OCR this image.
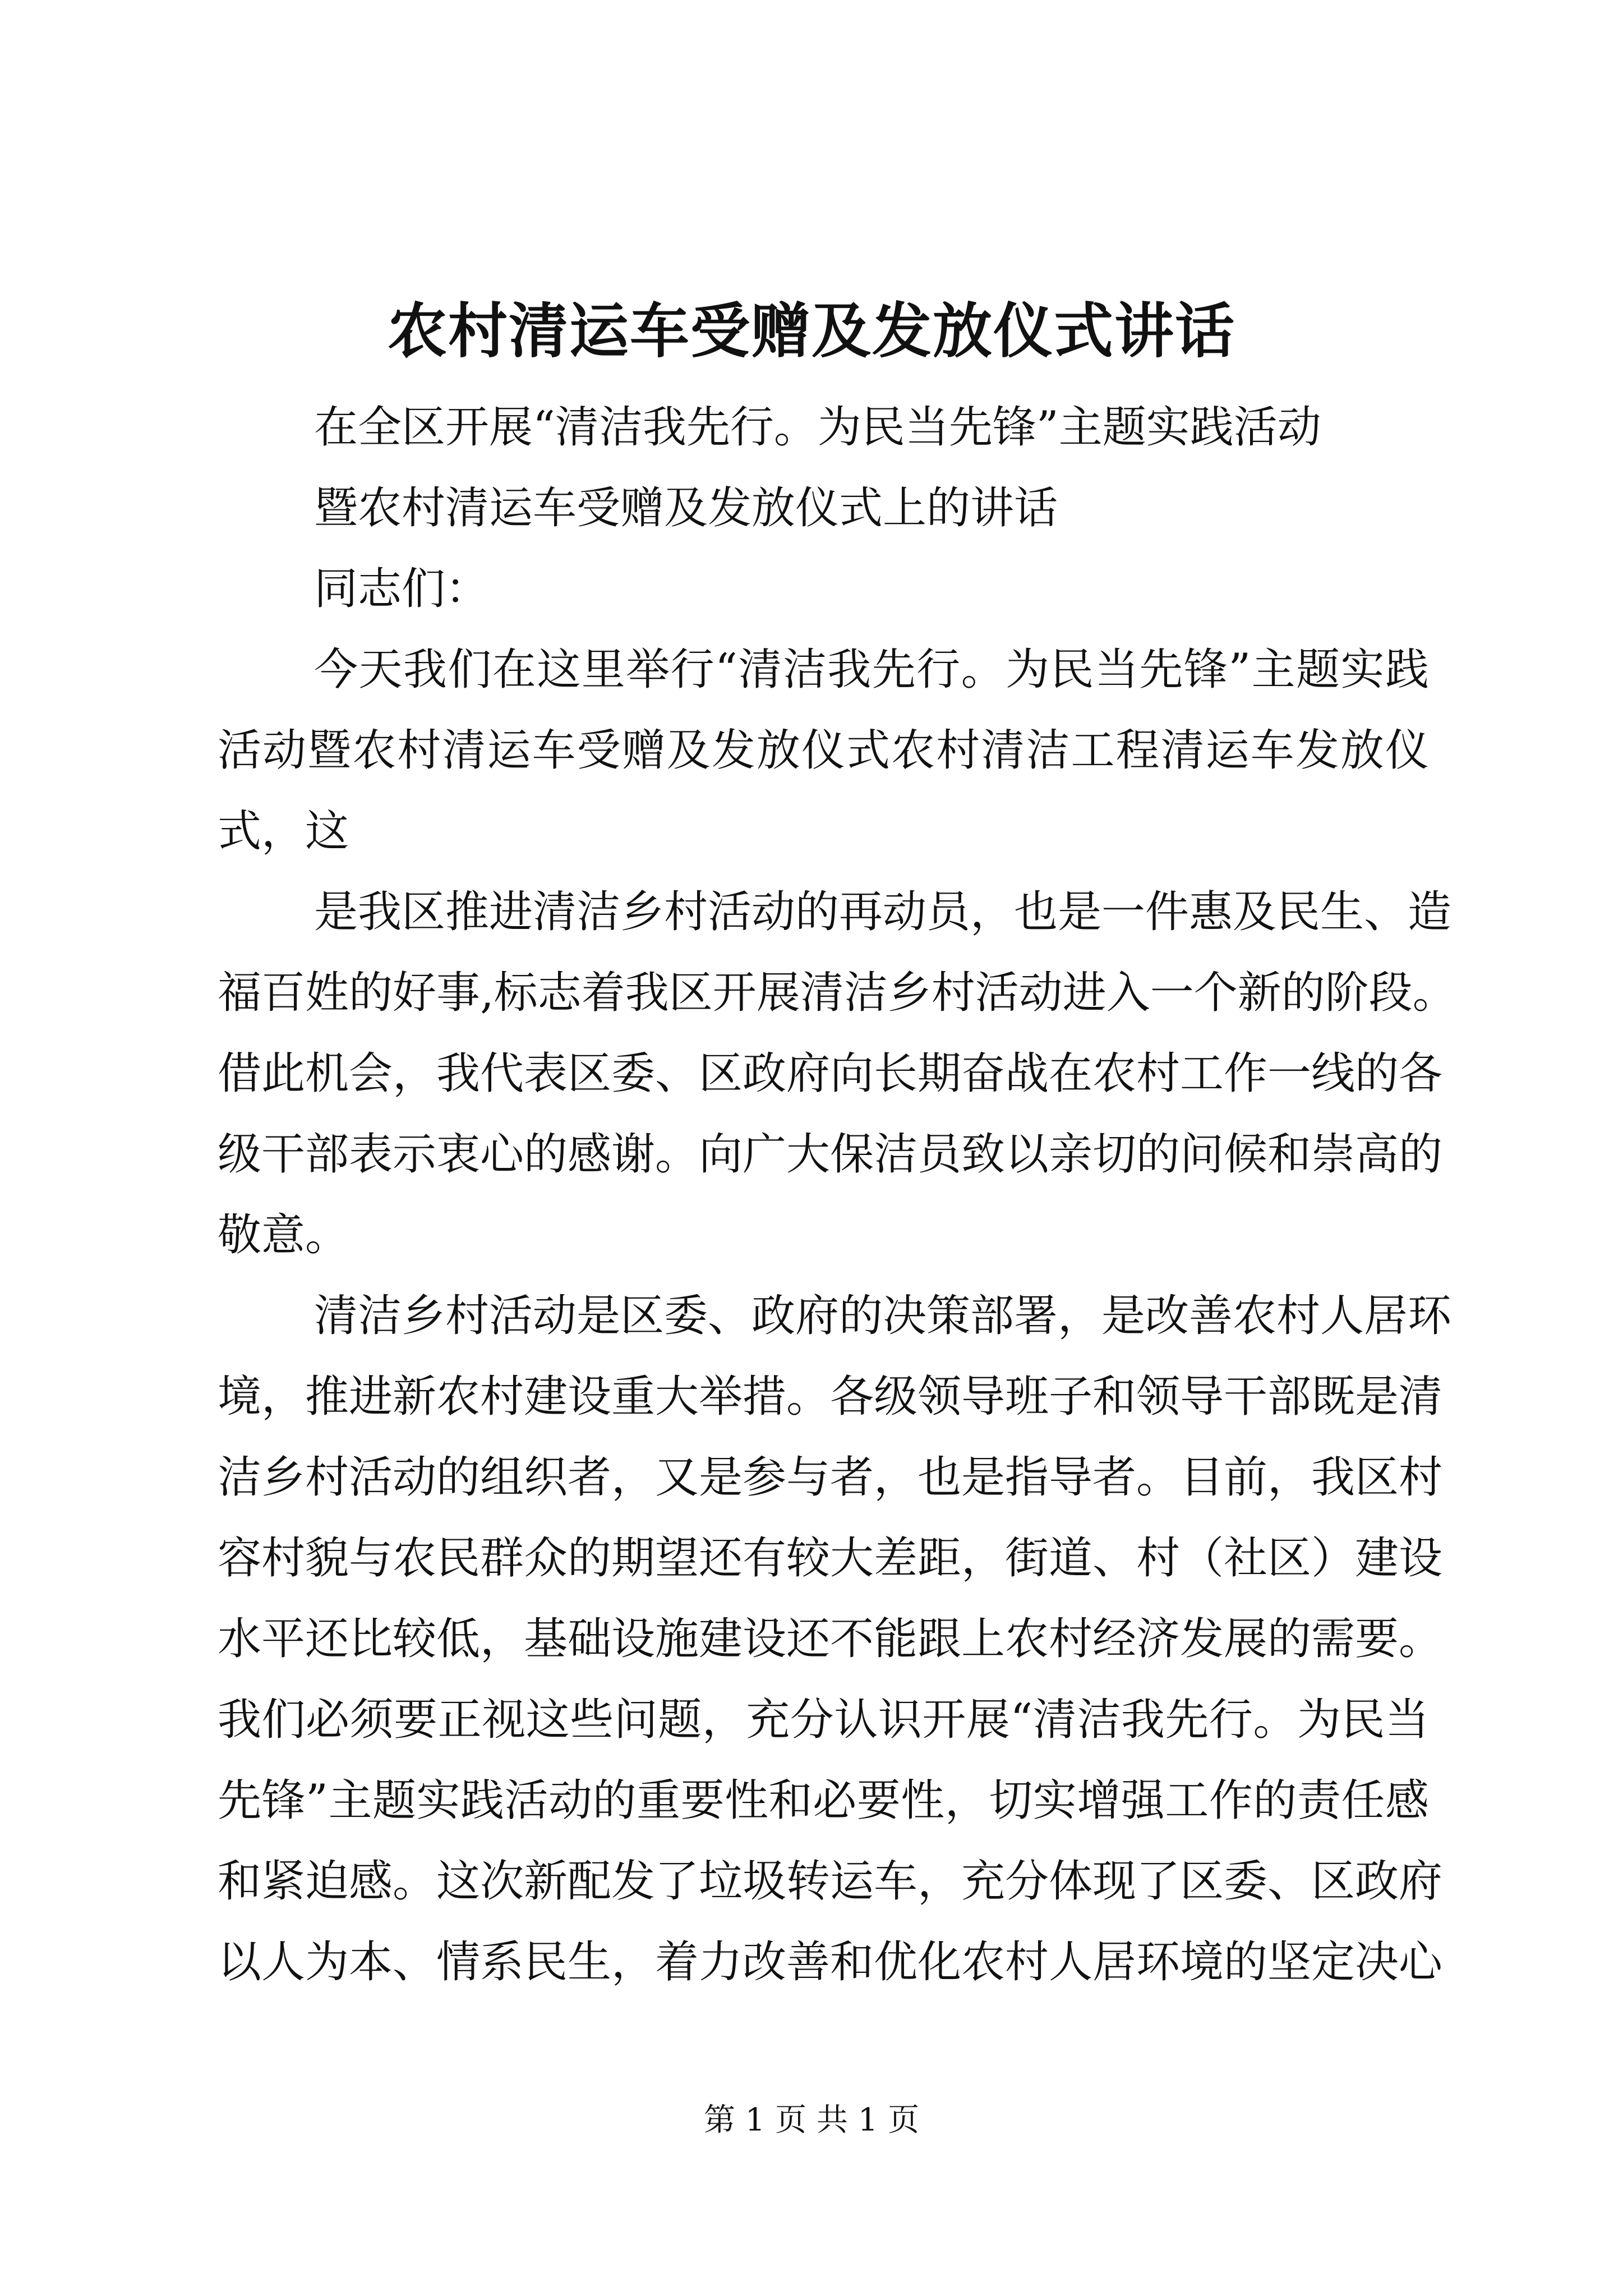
农村清运车受赠及发放仪式讲话
在全区开展“清洁我先行。为民当先锋”主题实践活动
暨农村清运车受赠及发放仪式上的讲话
同志们：
今天我们在这里举行“清洁我先行。为民当先锋”主题实践
活动暨农村清运车受赠及发放仪式农村清洁工程清运车发放仪
式，这
是我区推进清洁乡村活动的再动员，也是一件惠及民生、造
福百姓的好事,标志着我区开展清洁乡村活动进入一个新的阶段。
借此机会，我代表区委、区政府向长期奋战在农村工作一线的各
级干部表示衷心的感谢。向广大保洁员致以亲切的问候和崇高的
敬意。
清洁乡村活动是区委、政府的决策部署，是改善农村人居环
境，推进新农村建设重大举措。各级领导班子和领导干部既是清
洁乡村活动的组织者，又是参与者，也是指导者。目前，我区村
容村貌与农民群众的期望还有较大差距，街道、村（社区）建设
水平还比较低，基础设施建设还不能跟上农村经济发展的需要。
我们必须要正视这些问题，充分认识开展“清洁我先行。为民当
先锋”主题实践活动的重要性和必要性，切实增强工作的责任感
和紧迫感。这次新配发了垃圾转运车，充分体现了区委、区政府
以人为本、情系民生，着力改善和优化农村人居环境的坚定决心
第 1 页 共 1 页
